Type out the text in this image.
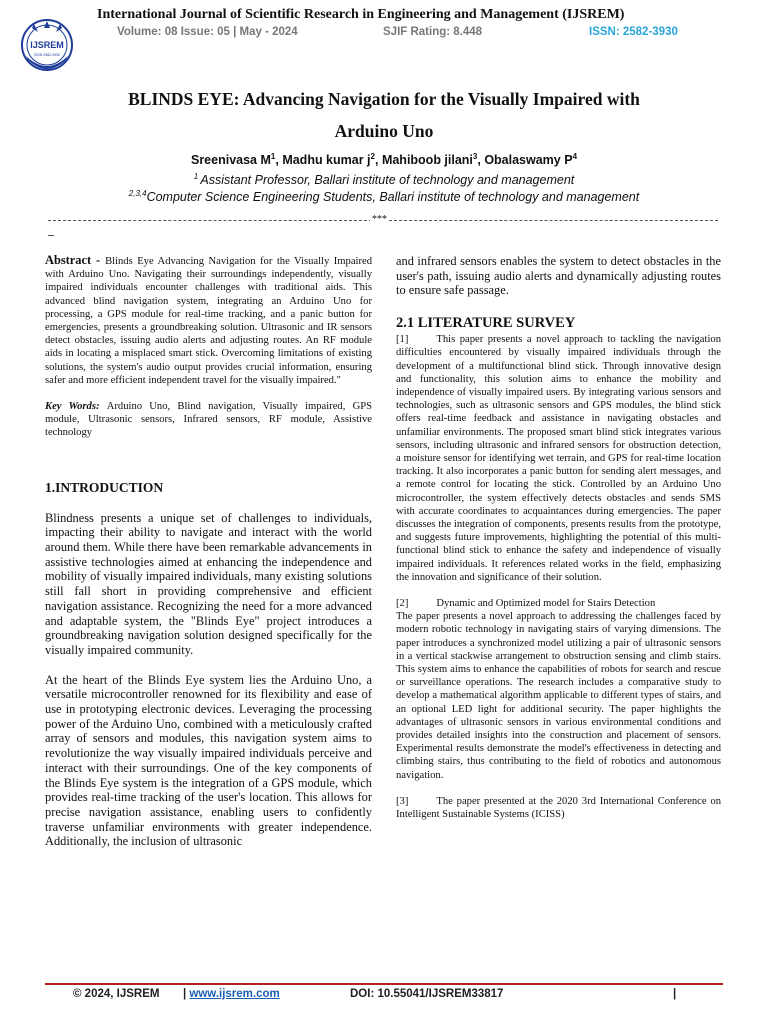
IJSREM
ISSN 2582-3930
International Journal of Scientific Research in Engineering and Management (IJSREM)
Volume: 08 Issue: 05 | May - 2024	SJIF Rating: 8.448	ISSN: 2582-3930
BLINDS EYE: Advancing Navigation for the Visually Impaired with
Arduino Uno
Sreenivasa $M^1$, Madhu kumar $j^2$, Mahiboob jilani$^3$, Obalaswamy $P^4$
$^1$ Assistant Professor, Ballari institute of technology and management
$^{2,3,4}$Computer Science Engineering Students, Ballari institute of technology and management
***

Abstract - Blinds Eye Advancing Navigation for the Visually Impaired with Arduino Uno. Navigating their surroundings independently, visually impaired individuals encounter challenges with traditional aids. This advanced blind navigation system, integrating an Arduino Uno for processing, a GPS module for real-time tracking, and a panic button for emergencies, presents a groundbreaking solution. Ultrasonic and IR sensors detect obstacles, issuing audio alerts and adjusting routes. An RF module aids in locating a misplaced smart stick. Overcoming limitations of existing solutions, the system's audio output provides crucial information, ensuring safer and more efficient independent travel for the visually impaired."

Key Words: Arduino Uno, Blind navigation, Visually impaired, GPS module, Ultrasonic sensors, Infrared sensors, RF module, Assistive technology

1.INTRODUCTION

Blindness presents a unique set of challenges to individuals, impacting their ability to navigate and interact with the world around them. While there have been remarkable advancements in assistive technologies aimed at enhancing the independence and mobility of visually impaired individuals, many existing solutions still fall short in providing comprehensive and efficient navigation assistance. Recognizing the need for a more advanced and adaptable system, the "Blinds Eye" project introduces a groundbreaking navigation solution designed specifically for the visually impaired community.

At the heart of the Blinds Eye system lies the Arduino Uno, a versatile microcontroller renowned for its flexibility and ease of use in prototyping electronic devices. Leveraging the processing power of the Arduino Uno, combined with a meticulously crafted array of sensors and modules, this navigation system aims to revolutionize the way visually impaired individuals perceive and interact with their surroundings. One of the key components of the Blinds Eye system is the integration of a GPS module, which provides real-time tracking of the user's location. This allows for precise navigation assistance, enabling users to confidently traverse unfamiliar environments with greater independence. Additionally, the inclusion of ultrasonic

and infrared sensors enables the system to detect obstacles in the user's path, issuing audio alerts and dynamically adjusting routes to ensure safe passage.

2.1 LITERATURE SURVEY

[1]	This paper presents a novel approach to tackling the navigation difficulties encountered by visually impaired individuals through the development of a multifunctional blind stick. Through innovative design and functionality, this solution aims to enhance the mobility and independence of visually impaired users. By integrating various sensors and technologies, such as ultrasonic sensors and GPS modules, the blind stick offers real-time feedback and assistance in navigating obstacles and unfamiliar environments. The proposed smart blind stick integrates various sensors, including ultrasonic and infrared sensors for obstruction detection, a moisture sensor for identifying wet terrain, and GPS for real-time location tracking. It also incorporates a panic button for sending alert messages, and a remote control for locating the stick. Controlled by an Arduino Uno microcontroller, the system effectively detects obstacles and sends SMS with accurate coordinates to acquaintances during emergencies. The paper discusses the integration of components, presents results from the prototype, and suggests future improvements, highlighting the potential of this multi-functional blind stick to enhance the safety and independence of visually impaired individuals. It references related works in the field, emphasizing the innovation and significance of their solution.

[2]	Dynamic and Optimized model for Stairs Detection
The paper presents a novel approach to addressing the challenges faced by modern robotic technology in navigating stairs of varying dimensions. The paper introduces a synchronized model utilizing a pair of ultrasonic sensors in a vertical stackwise arrangement to obstruction sensing and climb stairs. This system aims to enhance the capabilities of robots for search and rescue or surveillance operations. The research includes a comparative study to develop a mathematical algorithm applicable to different types of stairs, and an optional LED light for additional security. The paper highlights the advantages of ultrasonic sensors in various environmental conditions and provides detailed insights into the construction and placement of sensors. Experimental results demonstrate the model's effectiveness in detecting and climbing stairs, thus contributing to the field of robotics and autonomous navigation.

[3]	The paper presented at the 2020 3rd International Conference on Intelligent Sustainable Systems (ICISS)

© 2024, IJSREM | www.ijsrem.com	DOI: 10.55041/IJSREM33817	|
